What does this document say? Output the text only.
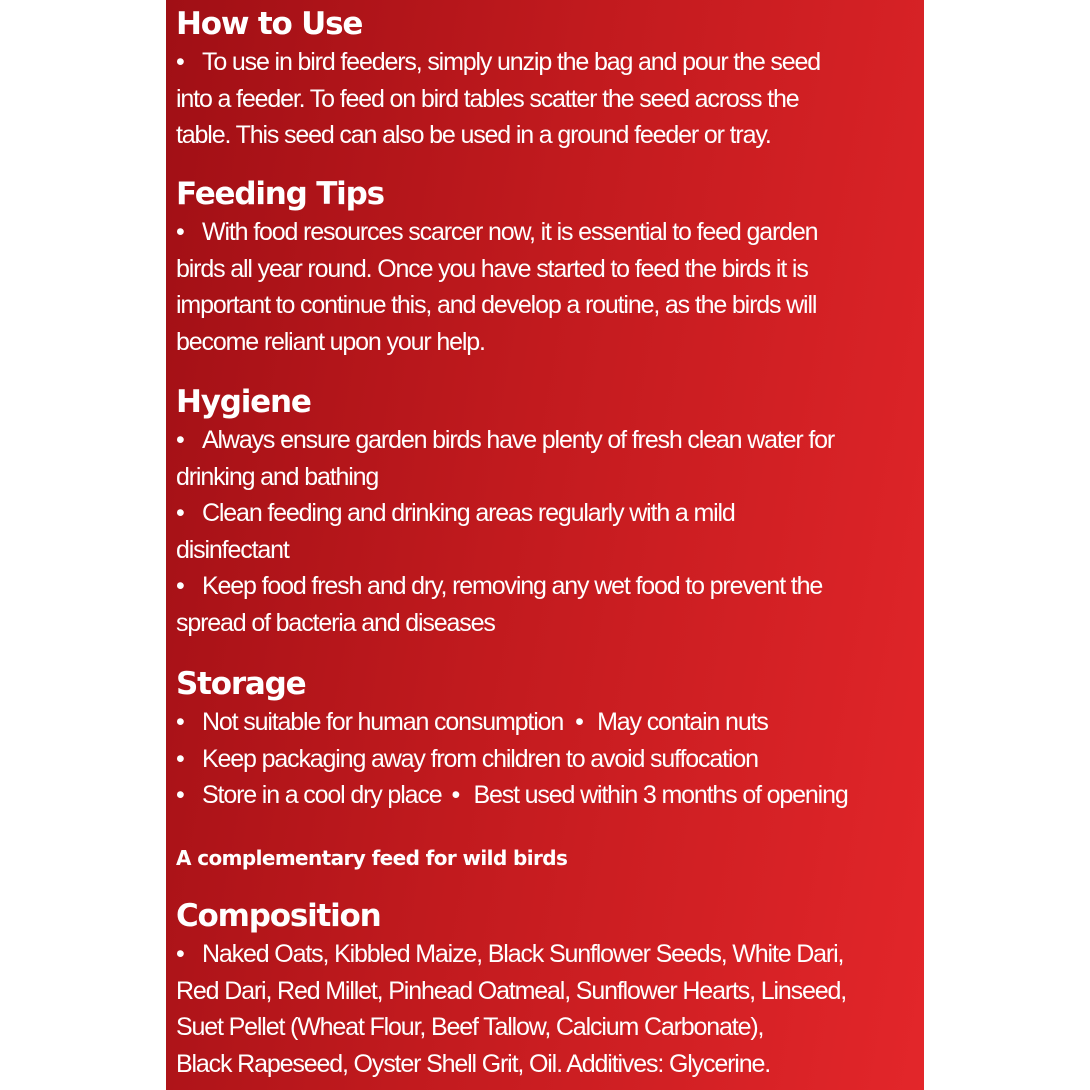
How to Use

• To use in bird feeders, simply unzip the bag and pour the seed

into a feeder. To feed on bird tables scatter the seed across the

table. This seed can also be used in a ground feeder or tray.

Feeding Tips

• With food resources scarcer now, it is essential to feed garden

birds all year round. Once you have started to feed the birds it is

important to continue this, and develop a routine, as the birds will

become reliant upon your help.

Hygiene

• Always ensure garden birds have plenty of fresh clean water for

drinking and bathing

• Clean feeding and drinking areas regularly with a mild

disinfectant

• Keep food fresh and dry, removing any wet food to prevent the

spread of bacteria and diseases

Storage

• Not suitable for human consumption • May contain nuts

• Keep packaging away from children to avoid suffocation

• Store in a cool dry place • Best used within 3 months of opening

A complementary feed for wild birds

Composition

• Naked Oats, Kibbled Maize, Black Sunflower Seeds, White Dari,

Red Dari, Red Millet, Pinhead Oatmeal, Sunflower Hearts, Linseed,

Suet Pellet (Wheat Flour, Beef Tallow, Calcium Carbonate),

Black Rapeseed, Oyster Shell Grit, Oil. Additives: Glycerine.
